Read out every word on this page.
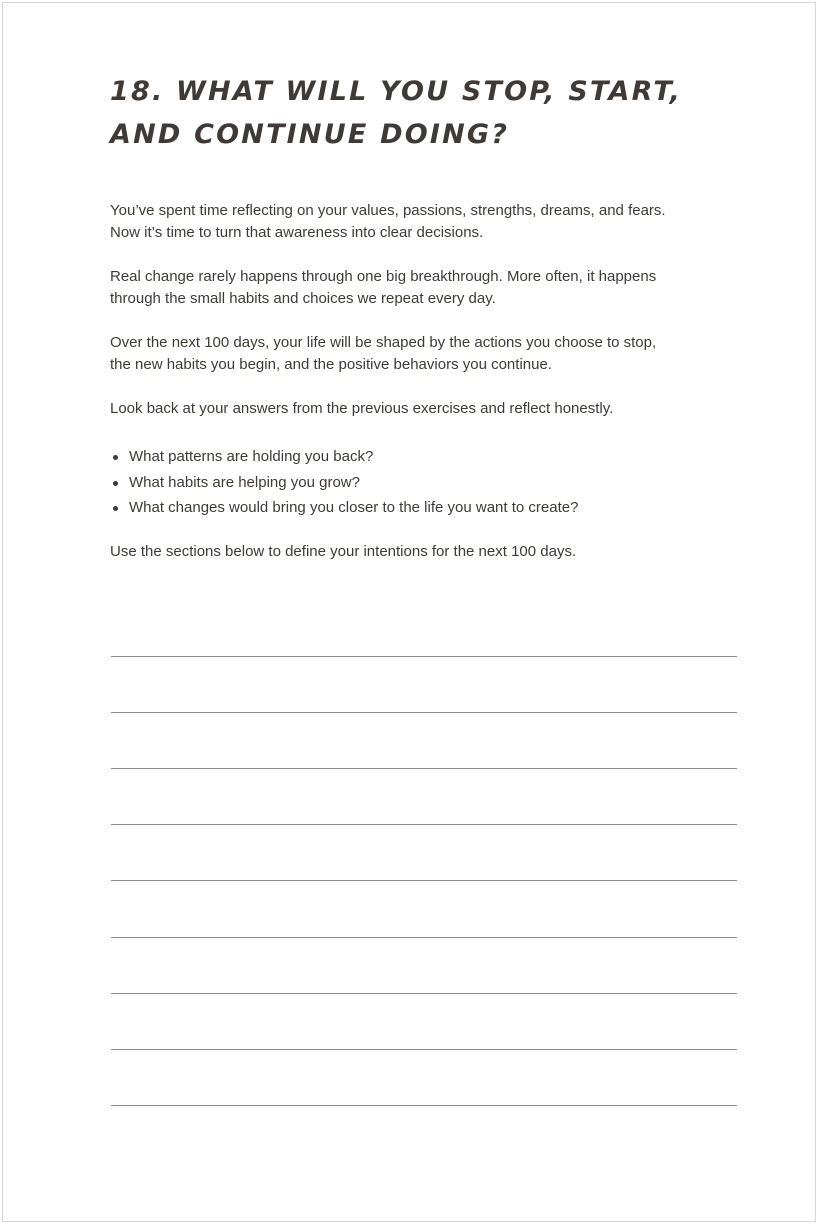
18. WHAT WILL YOU STOP, START,
AND CONTINUE DOING?

You’ve spent time reflecting on your values, passions, strengths, dreams, and fears.
Now it’s time to turn that awareness into clear decisions.

Real change rarely happens through one big breakthrough. More often, it happens
through the small habits and choices we repeat every day.

Over the next 100 days, your life will be shaped by the actions you choose to stop,
the new habits you begin, and the positive behaviors you continue.

Look back at your answers from the previous exercises and reflect honestly.

What patterns are holding you back?
What habits are helping you grow?
What changes would bring you closer to the life you want to create?

Use the sections below to define your intentions for the next 100 days.
